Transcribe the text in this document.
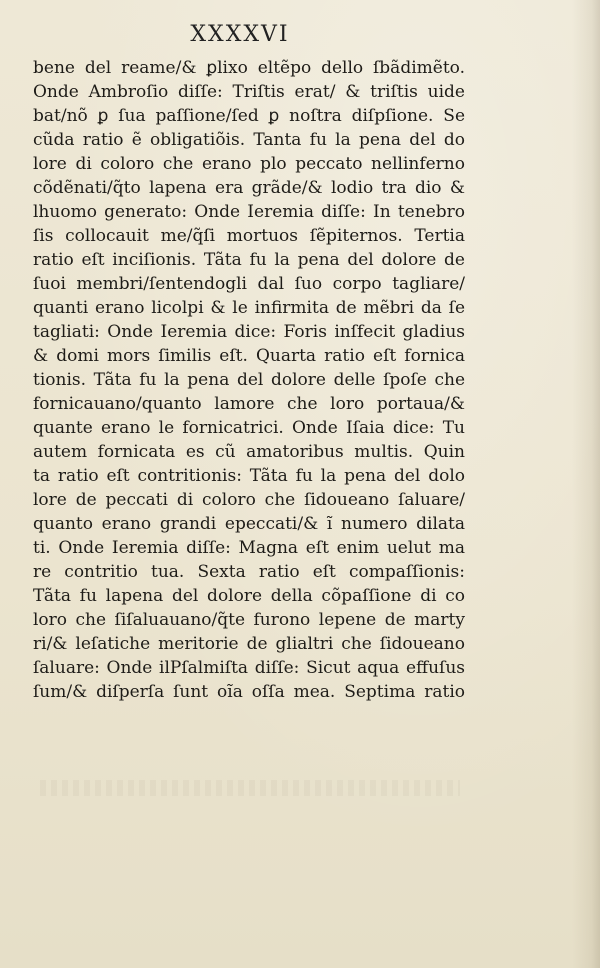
XXXXVI
bene del reame/& ꝑlixo eltẽpo dello ſbãdimẽto.
Onde Ambroſio diſſe: Triſtis erat/ & triſtis uide
bat/nõ ꝑ ſua paſſione/ſed ꝑ noſtra diſpſione. Se
cũda ratio ẽ obligatiõis. Tanta fu la pena del do
lore di coloro che erano plo peccato nellinferno
cõdẽnati/q̃to lapena era grãde/& lodio tra dio &
lhuomo generato: Onde Ieremia diſſe: In tenebro
ſis collocauit me/q̃ſi mortuos ſẽpiternos. Tertia
ratio eſt inciſionis. Tãta fu la pena del dolore de
ſuoi membri/ſentendogli dal ſuo corpo tagliare/
quanti erano licolpi & le infirmita de mẽbri da ſe
tagliati: Onde Ieremia dice: Foris inſfecit gladius
& domi mors ſimilis eſt. Quarta ratio eſt fornica
tionis. Tãta fu la pena del dolore delle ſpoſe che
fornicauano/quanto lamore che loro portaua/&
quante erano le fornicatrici. Onde Iſaia dice: Tu
autem fornicata es cũ amatoribus multis. Quin
ta ratio eſt contritionis: Tãta fu la pena del dolo
lore de peccati di coloro che ſidoueano ſaluare/
quanto erano grandi epeccati/& ĩ numero dilata
ti. Onde Ieremia diſſe: Magna eſt enim uelut ma
re contritio tua. Sexta ratio eſt compaſſionis:
Tãta fu lapena del dolore della cõpaſſione di co
loro che ſiſaluauano/q̃te furono lepene de marty
ri/& leſatiche meritorie de glialtri che ſidoueano
ſaluare: Onde ilPſalmiſta diſſe: Sicut aqua effuſus
ſum/& diſperſa ſunt oĩa oſſa mea. Septima ratio
